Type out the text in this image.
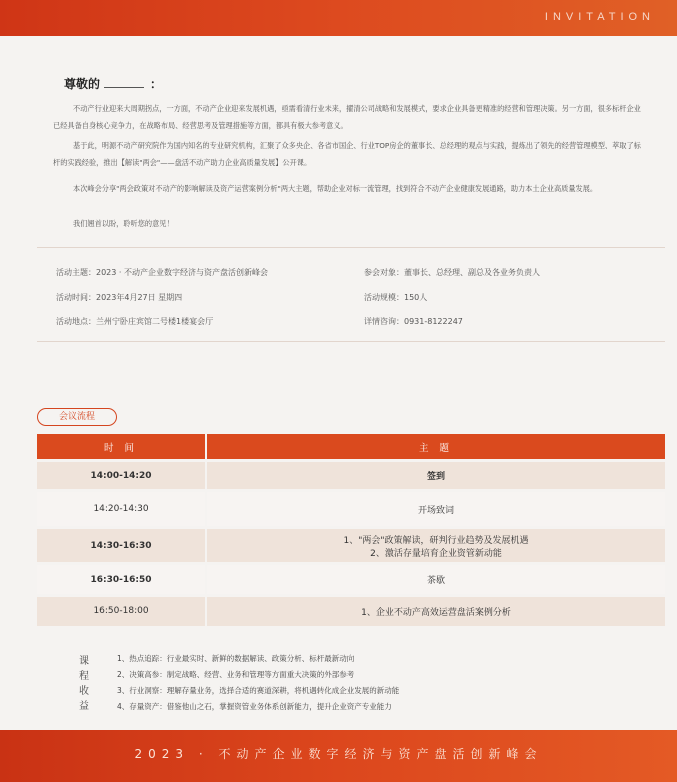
INVITATION
尊敬的	：

不动产行业迎来大周期拐点，一方面，不动产企业迎来发展机遇，亟需看清行业未来，擢清公司战略和发展模式，要求企业具备更精准的经营和管理决策。另一方面，很多标杆企业已经具备自身核心竞争力，在战略布局、经营思考及管理措施等方面，都具有极大参考意义。

基于此，明源不动产研究院作为国内知名的专业研究机构，汇聚了众多央企、各省市国企、行业TOP房企的董事长、总经理的观点与实践，提炼出了领先的经营管理模型、萃取了标杆的实践经验，推出【解读"两会"——盘活不动产助力企业高质量发展】公开课。

本次峰会分享"两会政策对不动产的影响解读及资产运营案例分析"两大主题，帮助企业对标一流管理，找到符合不动产企业健康发展通路，助力本土企业高质量发展。

我们翘首以盼，聆听您的意见！

活动主题：2023 · 不动产企业数字经济与资产盘活创新峰会
活动时间：2023年4月27日 星期四
活动地点：兰州宁卧庄宾馆二号楼1楼宴会厅
参会对象：董事长、总经理、副总及各业务负责人
活动规模：150人
详情咨询：0931-8122247
会议流程
时 间	主 题
14:00-14:20	签到
14:20-14:30	开场致词
14:30-16:30	1、"两会"政策解读，研判行业趋势及发展机遇
2、激活存量培育企业资管新动能

16:30-16:50	茶歇
16:50-18:00	1、企业不动产高效运营盘活案例分析
课
程
收
益
1、热点追踪：行业最实时、新鲜的数据解读、政策分析、标杆最新动向
2、决策高参：制定战略、经营、业务和管理等方面重大决策的外部参考
3、行业洞察：理解存量业务，选择合适的赛道深耕，将机遇转化成企业发展的新动能
4、存量资产：借鉴他山之石，掌握资管业务体系创新能力，提升企业资产专业能力
2023 · 不动产企业数字经济与资产盘活创新峰会
